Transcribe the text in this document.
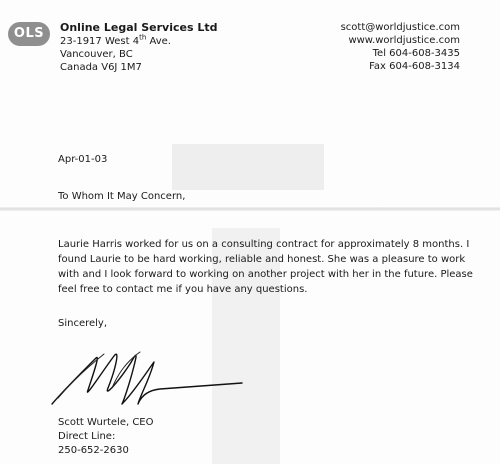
OLS	Online Legal Services Ltd
23-1917 West 4th Ave.
Vancouver, BC
Canada V6J 1M7
scott@worldjustice.com
www.worldjustice.com
Tel 604-608-3435
Fax 604-608-3134
Apr-01-03
To Whom It May Concern,
Laurie Harris worked for us on a consulting contract for approximately 8 months. I
found Laurie to be hard working, reliable and honest. She was a pleasure to work
with and I look forward to working on another project with her in the future. Please
feel free to contact me if you have any questions.
Sincerely,
Scott Wurtele, CEO
Direct Line:
250-652-2630
